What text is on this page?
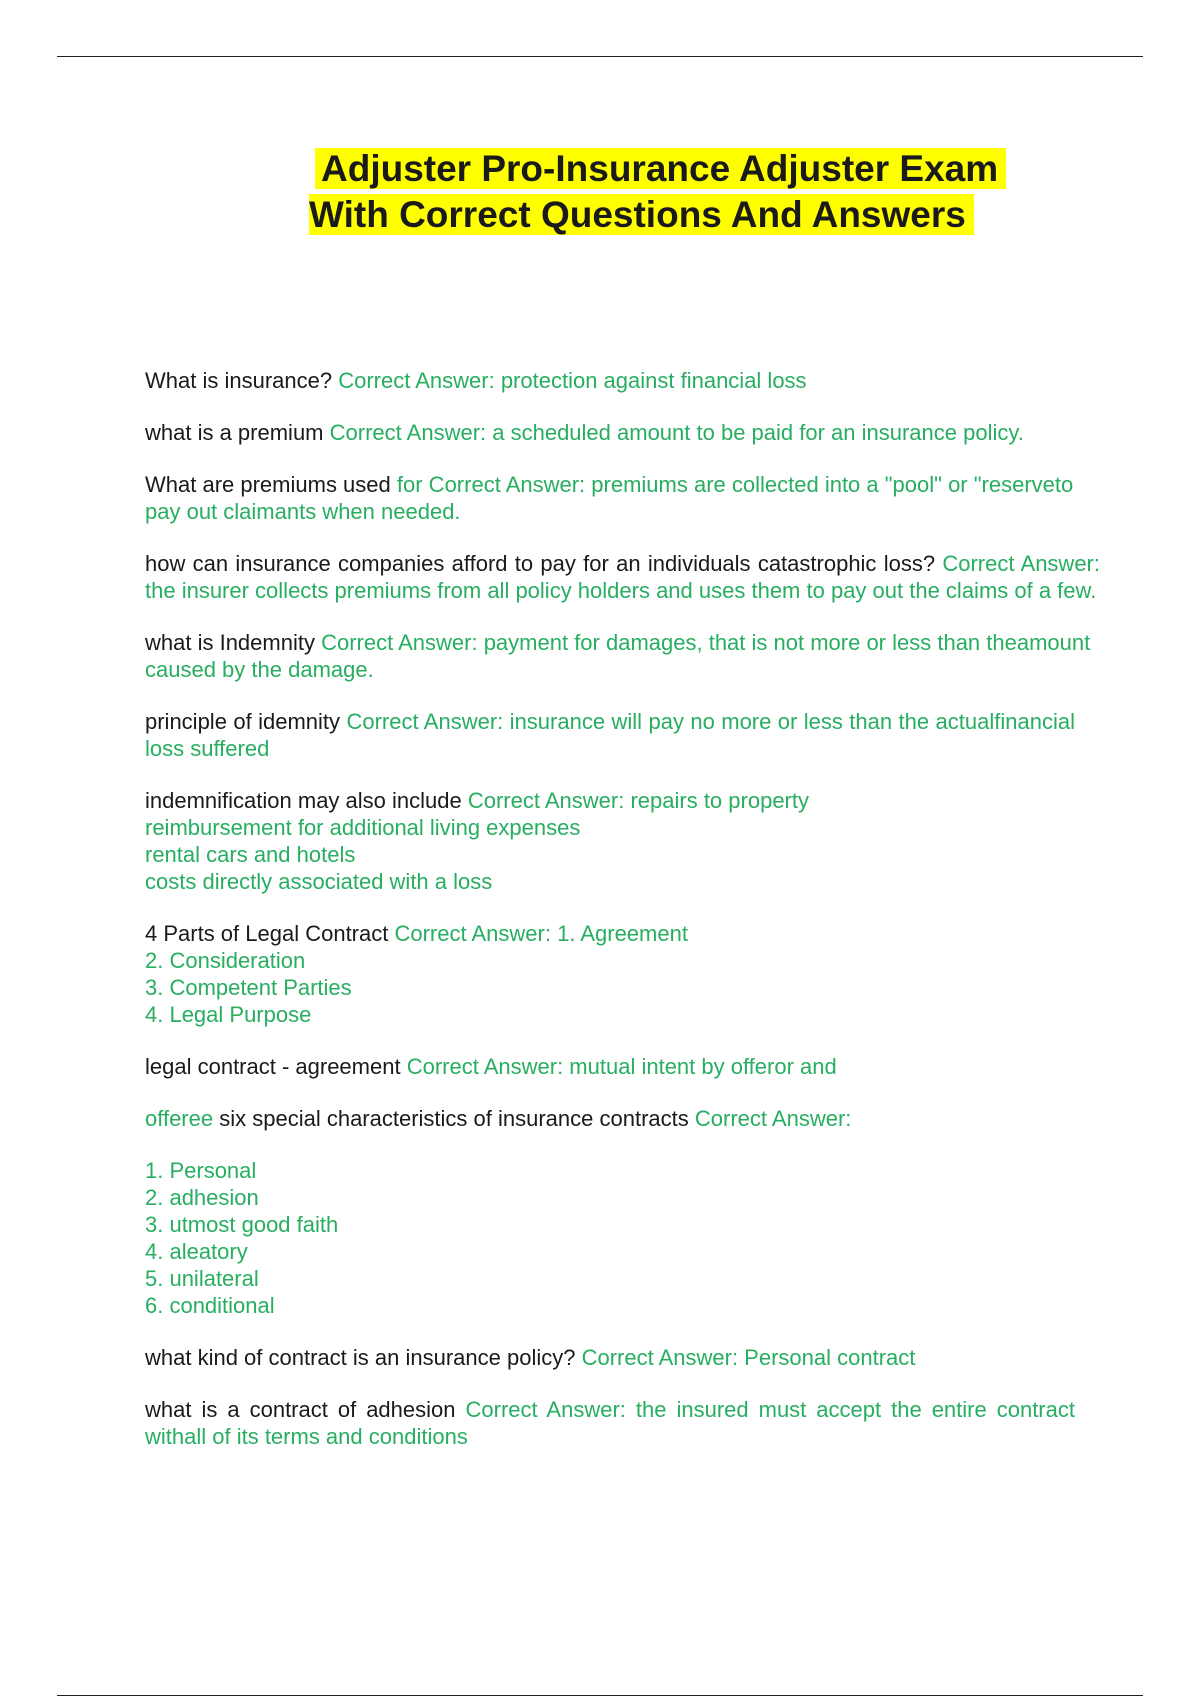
Adjuster Pro-Insurance Adjuster Exam
With Correct Questions And Answers

What is insurance? Correct Answer: protection against financial loss

what is a premium Correct Answer: a scheduled amount to be paid for an insurance policy.

What are premiums used for Correct Answer: premiums are collected into a "pool" or "reserveto pay out claimants when needed.

how can insurance companies afford to pay for an individuals catastrophic loss? Correct Answer: the insurer collects premiums from all policy holders and uses them to pay out the claims of a few.

what is Indemnity Correct Answer: payment for damages, that is not more or less than theamount caused by the damage.

principle of idemnity Correct Answer: insurance will pay no more or less than the actualfinancial loss suffered

indemnification may also include Correct Answer: repairs to property
reimbursement for additional living expenses
rental cars and hotels
costs directly associated with a loss

4 Parts of Legal Contract Correct Answer: 1. Agreement
2. Consideration
3. Competent Parties
4. Legal Purpose

legal contract - agreement Correct Answer: mutual intent by offeror and

offeree six special characteristics of insurance contracts Correct Answer:

1. Personal
2. adhesion
3. utmost good faith
4. aleatory
5. unilateral
6. conditional

what kind of contract is an insurance policy? Correct Answer: Personal contract

what is a contract of adhesion Correct Answer: the insured must accept the entire contract withall of its terms and conditions
